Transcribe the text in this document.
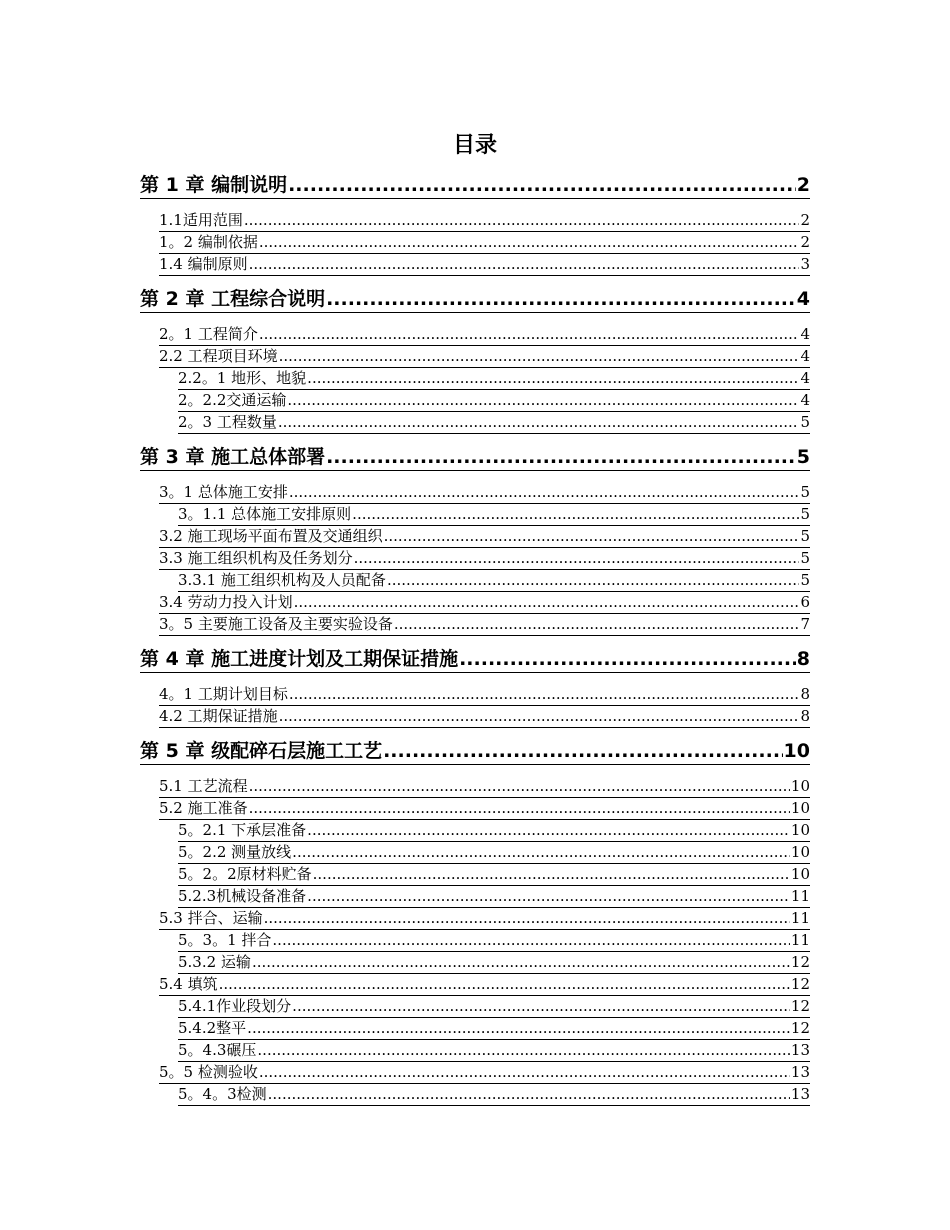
目录
第 1 章 编制说明 .....	2
1.1适用范围 .....	2
1。2 编制依据 .....	2
1.4 编制原则 .....	3
第 2 章 工程综合说明 .....	4
2。1 工程简介 .....	4
2.2 工程项目环境 .....	4
2.2。1 地形、地貌 .....	4
2。2.2交通运输 .....	4
2。3 工程数量 .....	5
第 3 章 施工总体部署 .....	5
3。1 总体施工安排 .....	5
3。1.1 总体施工安排原则 .....	5
3.2 施工现场平面布置及交通组织 .....	5
3.3 施工组织机构及任务划分 .....	5
3.3.1 施工组织机构及人员配备 .....	5
3.4 劳动力投入计划 .....	6
3。5 主要施工设备及主要实验设备 .....	7
第 4 章 施工进度计划及工期保证措施 .....	8
4。1 工期计划目标 .....	8
4.2 工期保证措施 .....	8
第 5 章 级配碎石层施工工艺 .....	10
5.1 工艺流程 .....	10
5.2 施工准备 .....	10
5。2.1 下承层准备 .....	10
5。2.2 测量放线 .....	10
5。2。2原材料贮备 .....	10
5.2.3机械设备准备 .....	11
5.3 拌合、运输 .....	11
5。3。1 拌合 .....	11
5.3.2 运输 .....	12
5.4 填筑 .....	12
5.4.1作业段划分 .....	12
5.4.2整平 .....	12
5。4.3碾压 .....	13
5。5 检测验收 .....	13
5。4。3检测 .....	13
